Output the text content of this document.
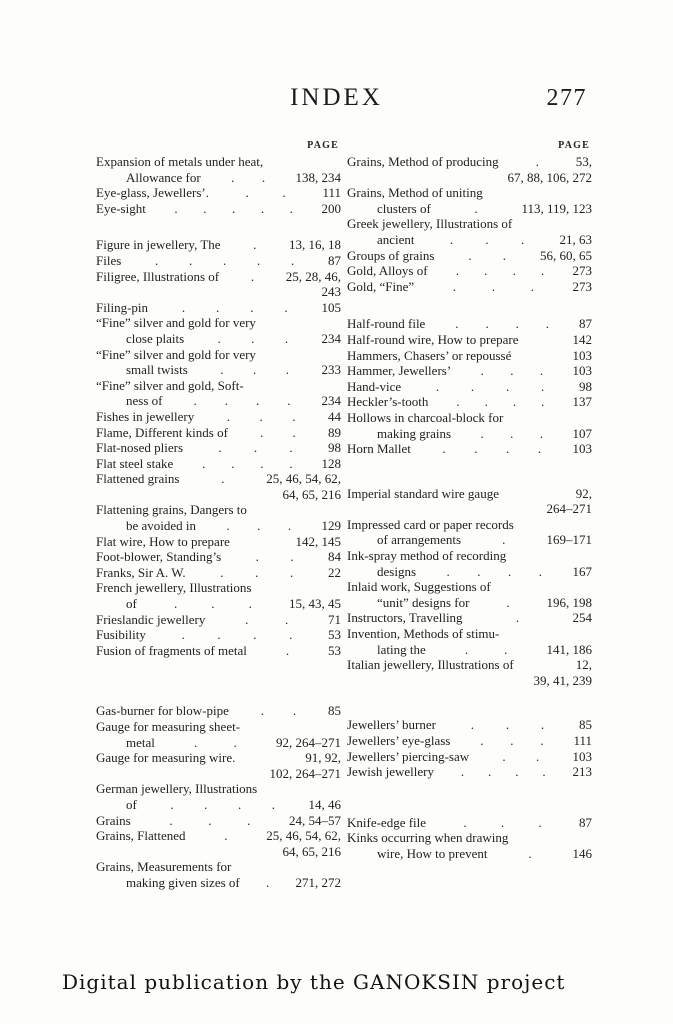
INDEX	277
PAGE
Expansion of metals under heat,
Allowance for . . 138, 234
Eye-glass, Jewellers’.	.	.	111
Eye-sight . . . . . 200
Figure in jewellery, The	.	13, 16, 18
Files	. . . . .	87
Filigree, Illustrations of . 25, 28, 46,
243
Filing-pin	. . . .	105
“Fine” silver and gold for very
close plaits	. . .	234
“Fine” silver and gold for very
small twists . . .	233
“Fine” silver and gold, Soft-
ness of . . . . 234
Fishes in jewellery	. . .	44
Flame, Different kinds of . . 89
Flat-nosed pliers	. . .	98
Flat steel stake . . . . 128
Flattened grains	.	25, 46, 54, 62,
64, 65, 216
Flattening grains, Dangers to
be avoided in . . . 129
Flat wire, How to prepare	142, 145
Foot-blower, Standing’s	. .	84
Franks, Sir A. W.	. . .	22
French jewellery, Illustrations
of	.	.	.	15, 43, 45
Frieslandic jewellery	.	.	71
Fusibility	.	.	.	.	53
Fusion of fragments of metal	.	53
Gas-burner for blow-pipe . . 85
Gauge for measuring sheet-
metal	.	.	92, 264–271
Gauge for measuring wire.	91, 92,
102, 264–271
German jewellery, Illustrations
of	. . . .	14, 46
Grains	.	.	.	24, 54–57
Grains, Flattened	.	25, 46, 54, 62,
64, 65, 216
Grains, Measurements for
making given sizes of . 271, 272
PAGE
Grains, Method of producing	.	53,
67, 88, 106, 272
Grains, Method of uniting
clusters of	.	113, 119, 123
Greek jewellery, Illustrations of
ancient	. . .	21, 63
Groups of grains	. .	56, 60, 65
Gold, Alloys of . . . . 273
Gold, “Fine”	.	.	.	273
Half-round file . . . . 87
Half-round wire, How to prepare	142
Hammers, Chasers’ or repoussé	103
Hammer, Jewellers’ . . . 103
Hand-vice	. . . .	98
Heckler’s-tooth . . . . 137
Hollows in charcoal-block for
making grains . . . 107
Horn Mallet . . . . 103
Imperial standard wire gauge	92,
264–271
Impressed card or paper records
of arrangements	.	169–171
Ink-spray method of recording
designs . . . . 167
Inlaid work, Suggestions of
“unit” designs for	.	196, 198
Instructors, Travelling	.	254
Invention, Methods of stimu-
lating the	.	.	141, 186
Italian jewellery, Illustrations of	12,
39, 41, 239
Jewellers’ burner	. . .	85
Jewellers’ eye-glass . . . 111
Jewellers’ piercing-saw	. .	103
Jewish jewellery . . . . 213
Knife-edge file	.	.	.	87
Kinks occurring when drawing
wire, How to prevent	.	146
Digital publication by the GANOKSIN project
